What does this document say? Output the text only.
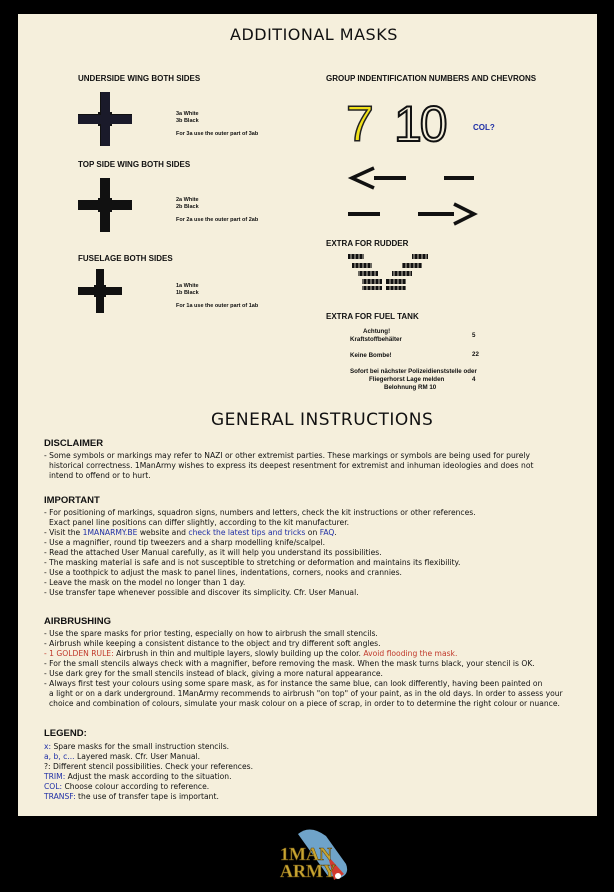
ADDITIONAL MASKS
UNDERSIDE WING BOTH SIDES
3a White
3b Black
For 3a use the outer part of 3ab
TOP SIDE WING BOTH SIDES
2a White
2b Black
For 2a use the outer part of 2ab
FUSELAGE BOTH SIDES
1a White
1b Black
For 1a use the outer part of 1ab
GROUP INDENTIFICATION NUMBERS AND CHEVRONS
7 10	COL?
EXTRA FOR RUDDER
EXTRA FOR FUEL TANK
Achtung!
Kraftstoffbehälter
5
Keine Bombe!	22
Sofort bei nächster Polizeidienststelle oder
Fliegerhorst Lage melden
Belohnung RM 10
4
GENERAL INSTRUCTIONS
DISCLAIMER
- Some symbols or markings may refer to NAZI or other extremist parties. These markings or symbols are being used for purely
historical correctness. 1ManArmy wishes to express its deepest resentment for extremist and inhuman ideologies and does not
intend to offend or to hurt.
IMPORTANT
- For positioning of markings, squadron signs, numbers and letters, check the kit instructions or other references.
Exact panel line positions can differ slightly, according to the kit manufacturer.
- Visit the 1MANARMY.BE website and check the latest tips and tricks on FAQ.
- Use a magnifier, round tip tweezers and a sharp modelling knife/scalpel.
- Read the attached User Manual carefully, as it will help you understand its possibilities.
- The masking material is safe and is not susceptible to stretching or deformation and maintains its flexibility.
- Use a toothpick to adjust the mask to panel lines, indentations, corners, nooks and crannies.
- Leave the mask on the model no longer than 1 day.
- Use transfer tape whenever possible and discover its simplicity. Cfr. User Manual.
AIRBRUSHING
- Use the spare masks for prior testing, especially on how to airbrush the small stencils.
- Airbrush while keeping a consistent distance to the object and try different soft angles.
- 1 GOLDEN RULE: Airbrush in thin and multiple layers, slowly building up the color. Avoid flooding the mask.
- For the small stencils always check with a magnifier, before removing the mask. When the mask turns black, your stencil is OK.
- Use dark grey for the small stencils instead of black, giving a more natural appearance.
- Always first test your colours using some spare mask, as for instance the same blue, can look differently, having been painted on
a light or on a dark underground. 1ManArmy recommends to airbrush "on top" of your paint, as in the old days. In order to assess your
choice and combination of colours, simulate your mask colour on a piece of scrap, in order to to determine the right colour or nuance.
LEGEND:
x: Spare masks for the small instruction stencils.
a, b, c... Layered mask. Cfr. User Manual.
?: Different stencil possibilities. Check your references.
TRIM: Adjust the mask according to the situation.
COL: Choose colour according to reference.
TRANSF: the use of transfer tape is important.
1MAN
ARMY
